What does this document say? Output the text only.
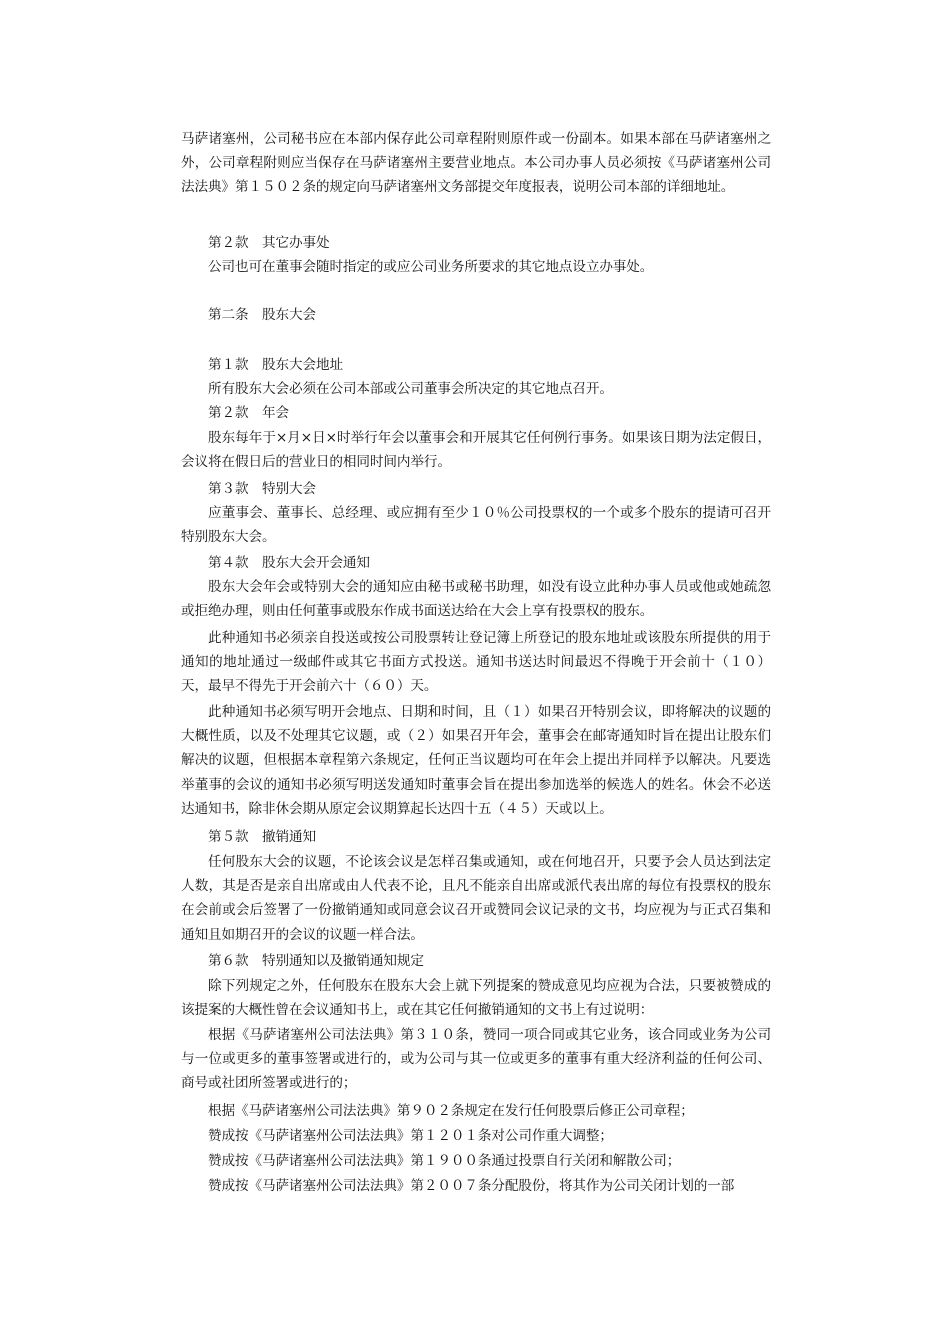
马萨诸塞州，公司秘书应在本部内保存此公司章程附则原件或一份副本。如果本部在马萨诸塞州之外，公司章程附则应当保存在马萨诸塞州主要营业地点。本公司办事人员必须按《马萨诸塞州公司法法典》第１５０２条的规定向马萨诸塞州文务部提交年度报表，说明公司本部的详细地址。

第２款　其它办事处

公司也可在董事会随时指定的或应公司业务所要求的其它地点设立办事处。

第二条　股东大会

第１款　股东大会地址

所有股东大会必须在公司本部或公司董事会所决定的其它地点召开。

第２款　年会

股东每年于×月×日×时举行年会以董事会和开展其它任何例行事务。如果该日期为法定假日，会议将在假日后的营业日的相同时间内举行。

第３款　特别大会

应董事会、董事长、总经理、或应拥有至少１０％公司投票权的一个或多个股东的提请可召开特别股东大会。

第４款　股东大会开会通知

股东大会年会或特别大会的通知应由秘书或秘书助理，如没有设立此种办事人员或他或她疏忽或拒绝办理，则由任何董事或股东作成书面送达给在大会上享有投票权的股东。

此种通知书必须亲自投送或按公司股票转让登记簿上所登记的股东地址或该股东所提供的用于通知的地址通过一级邮件或其它书面方式投送。通知书送达时间最迟不得晚于开会前十（１０）天，最早不得先于开会前六十（６０）天。

此种通知书必须写明开会地点、日期和时间，且（１）如果召开特别会议，即将解决的议题的大概性质，以及不处理其它议题，或（２）如果召开年会，董事会在邮寄通知时旨在提出让股东们解决的议题，但根据本章程第六条规定，任何正当议题均可在年会上提出并同样予以解决。凡要选举董事的会议的通知书必须写明送发通知时董事会旨在提出参加选举的候选人的姓名。休会不必送达通知书，除非休会期从原定会议期算起长达四十五（４５）天或以上。

第５款　撤销通知

任何股东大会的议题，不论该会议是怎样召集或通知，或在何地召开，只要予会人员达到法定人数，其是否是亲自出席或由人代表不论，且凡不能亲自出席或派代表出席的每位有投票权的股东在会前或会后签署了一份撤销通知或同意会议召开或赞同会议记录的文书，均应视为与正式召集和通知且如期召开的会议的议题一样合法。

第６款　特别通知以及撤销通知规定

除下列规定之外，任何股东在股东大会上就下列提案的赞成意见均应视为合法，只要被赞成的该提案的大概性曾在会议通知书上，或在其它任何撤销通知的文书上有过说明：

根据《马萨诸塞州公司法法典》第３１０条，赞同一项合同或其它业务，该合同或业务为公司与一位或更多的董事签署或进行的，或为公司与其一位或更多的董事有重大经济利益的任何公司、商号或社团所签署或进行的；

根据《马萨诸塞州公司法法典》第９０２条规定在发行任何股票后修正公司章程；

赞成按《马萨诸塞州公司法法典》第１２０１条对公司作重大调整；

赞成按《马萨诸塞州公司法法典》第１９００条通过投票自行关闭和解散公司；

赞成按《马萨诸塞州公司法法典》第２００７条分配股份，将其作为公司关闭计划的一部
